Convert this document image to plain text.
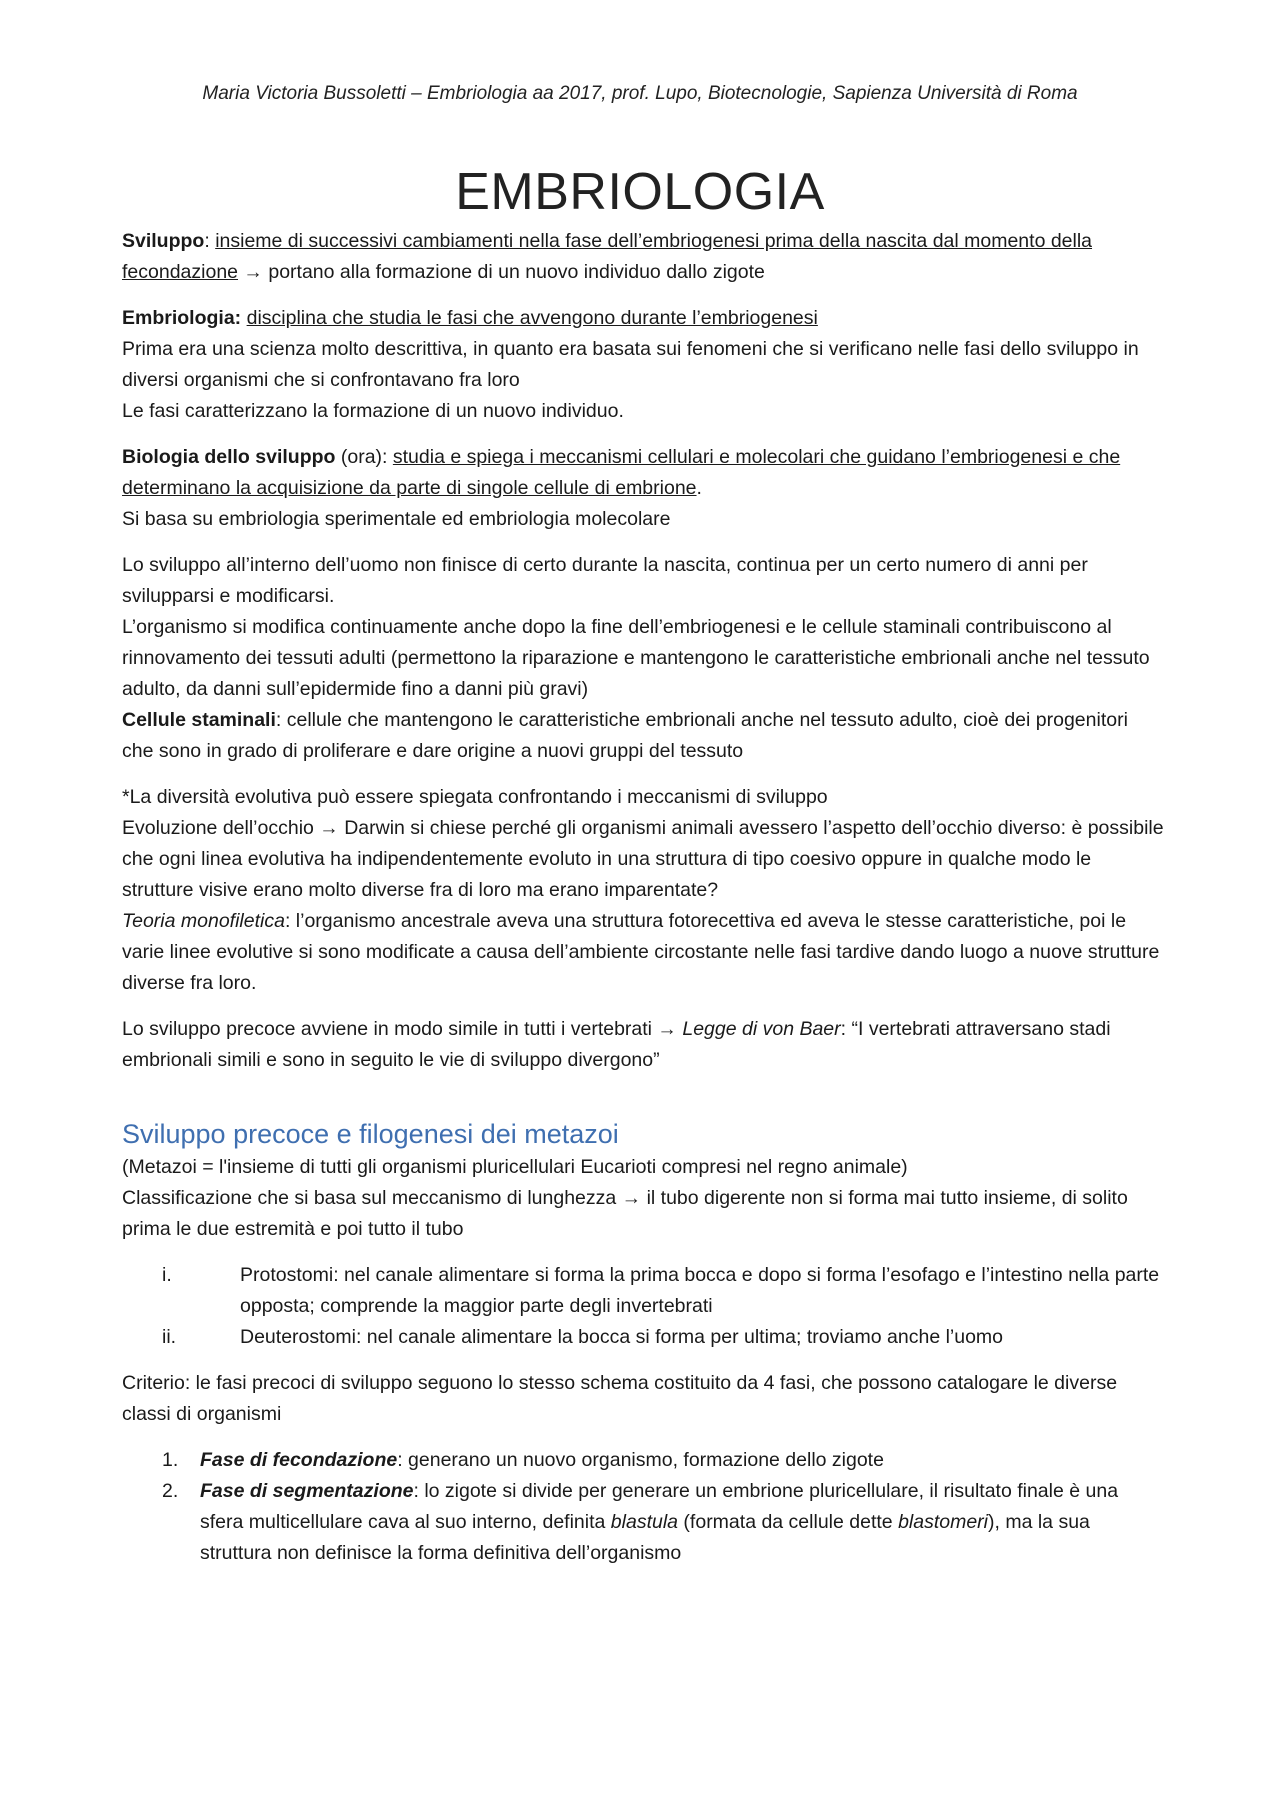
Maria Victoria Bussoletti – Embriologia aa 2017, prof. Lupo, Biotecnologie, Sapienza Università di Roma
EMBRIOLOGIA

Sviluppo: insieme di successivi cambiamenti nella fase dell’embriogenesi prima della nascita dal momento della fecondazione → portano alla formazione di un nuovo individuo dallo zigote

Embriologia: disciplina che studia le fasi che avvengono durante l’embriogenesi
Prima era una scienza molto descrittiva, in quanto era basata sui fenomeni che si verificano nelle fasi dello sviluppo in diversi organismi che si confrontavano fra loro
Le fasi caratterizzano la formazione di un nuovo individuo.

Biologia dello sviluppo (ora): studia e spiega i meccanismi cellulari e molecolari che guidano l’embriogenesi e che determinano la acquisizione da parte di singole cellule di embrione.
Si basa su embriologia sperimentale ed embriologia molecolare

Lo sviluppo all’interno dell’uomo non finisce di certo durante la nascita, continua per un certo numero di anni per svilupparsi e modificarsi.
L’organismo si modifica continuamente anche dopo la fine dell’embriogenesi e le cellule staminali contribuiscono al rinnovamento dei tessuti adulti (permettono la riparazione e mantengono le caratteristiche embrionali anche nel tessuto adulto, da danni sull’epidermide fino a danni più gravi)
Cellule staminali: cellule che mantengono le caratteristiche embrionali anche nel tessuto adulto, cioè dei progenitori che sono in grado di proliferare e dare origine a nuovi gruppi del tessuto

*La diversità evolutiva può essere spiegata confrontando i meccanismi di sviluppo
Evoluzione dell’occhio → Darwin si chiese perché gli organismi animali avessero l’aspetto dell’occhio diverso: è possibile che ogni linea evolutiva ha indipendentemente evoluto in una struttura di tipo coesivo oppure in qualche modo le strutture visive erano molto diverse fra di loro ma erano imparentate?
Teoria monofiletica: l’organismo ancestrale aveva una struttura fotorecettiva ed aveva le stesse caratteristiche, poi le varie linee evolutive si sono modificate a causa dell’ambiente circostante nelle fasi tardive dando luogo a nuove strutture diverse fra loro.

Lo sviluppo precoce avviene in modo simile in tutti i vertebrati → Legge di von Baer: “I vertebrati attraversano stadi embrionali simili e sono in seguito le vie di sviluppo divergono”

Sviluppo precoce e filogenesi dei metazoi
(Metazoi = l'insieme di tutti gli organismi pluricellulari Eucarioti compresi nel regno animale)
Classificazione che si basa sul meccanismo di lunghezza → il tubo digerente non si forma mai tutto insieme, di solito prima le due estremità e poi tutto il tubo
i.	Protostomi: nel canale alimentare si forma la prima bocca e dopo si forma l’esofago e l’intestino nella parte opposta; comprende la maggior parte degli invertebrati
ii.	Deuterostomi: nel canale alimentare la bocca si forma per ultima; troviamo anche l’uomo

Criterio: le fasi precoci di sviluppo seguono lo stesso schema costituito da 4 fasi, che possono catalogare le diverse classi di organismi

1.	Fase di fecondazione: generano un nuovo organismo, formazione dello zigote
2.	Fase di segmentazione: lo zigote si divide per generare un embrione pluricellulare, il risultato finale è una sfera multicellulare cava al suo interno, definita blastula (formata da cellule dette blastomeri), ma la sua struttura non definisce la forma definitiva dell’organismo
